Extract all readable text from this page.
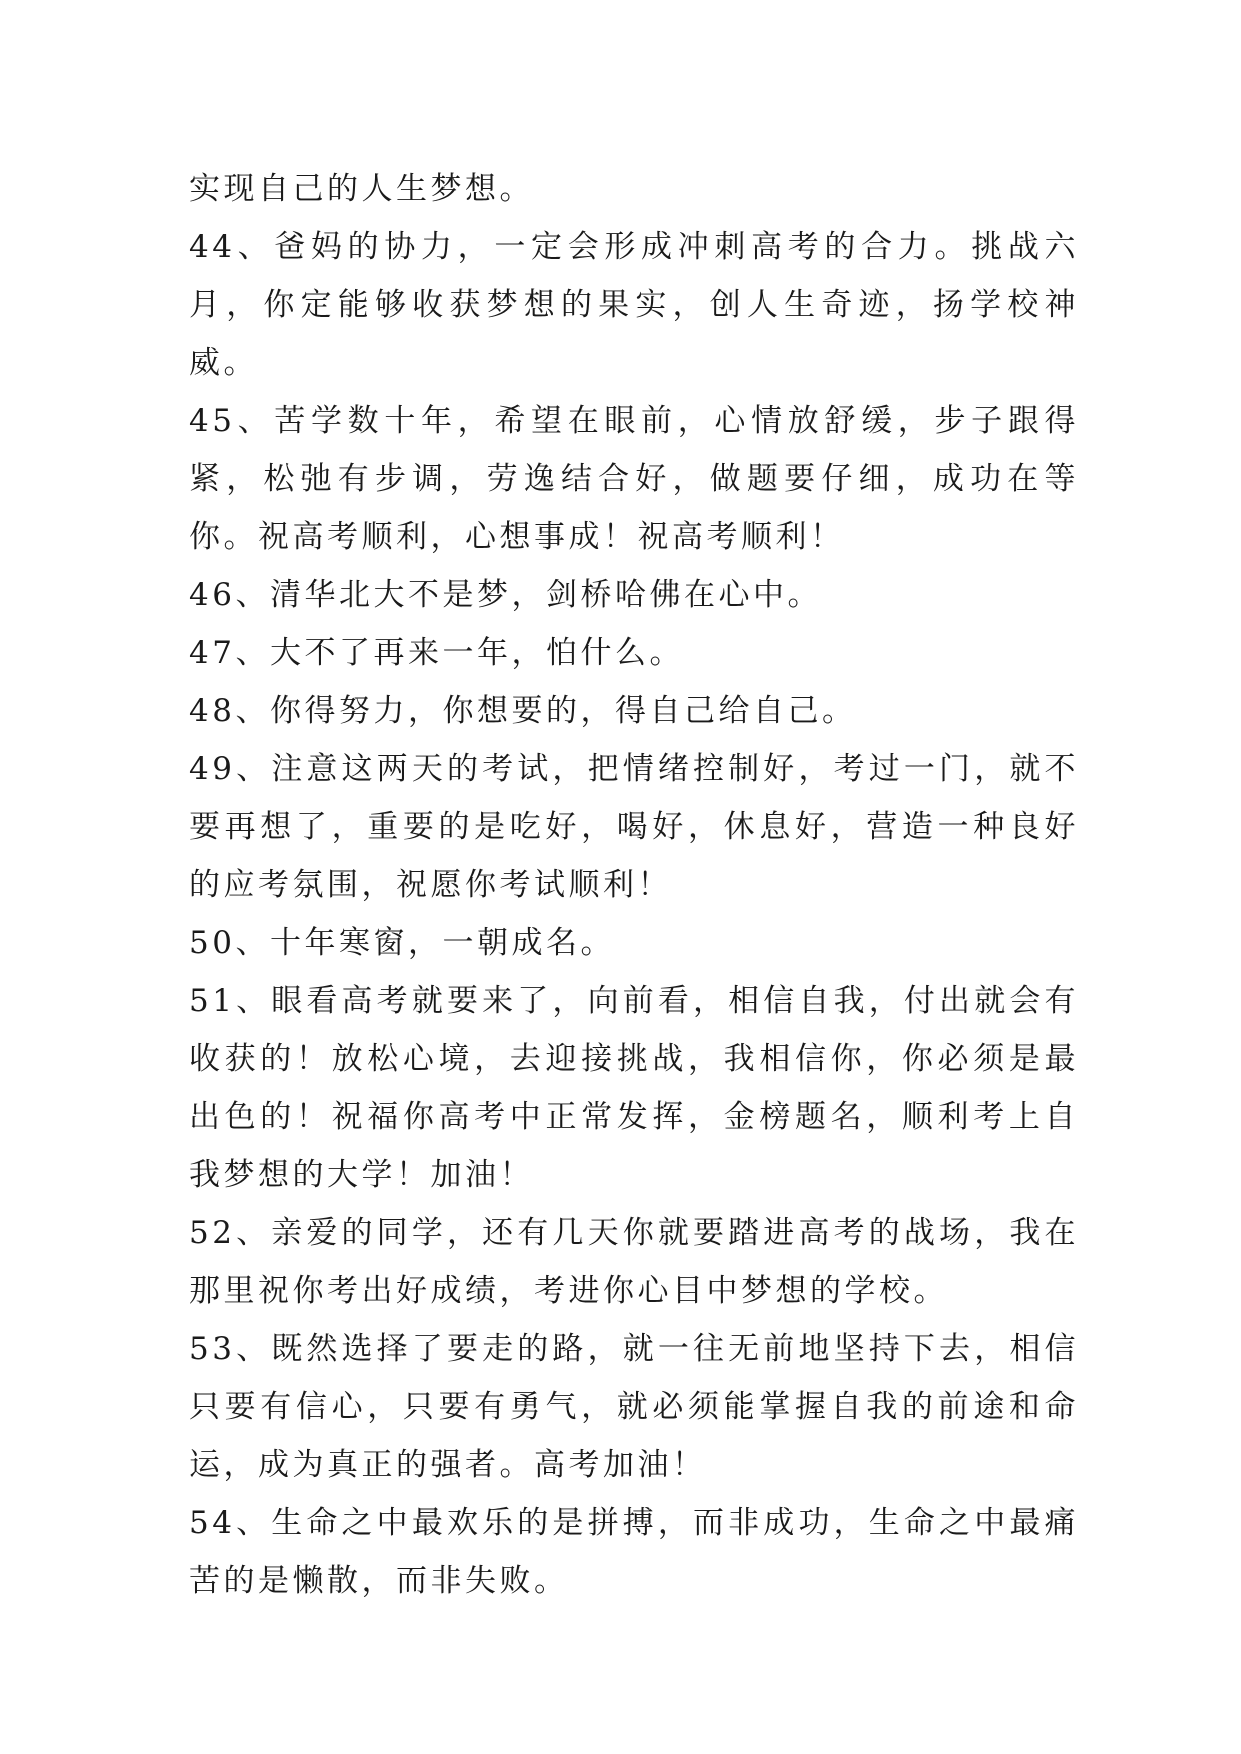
实现自己的人生梦想。

44、爸妈的协力，一定会形成冲刺高考的合力。挑战六月，你定能够收获梦想的果实，创人生奇迹，扬学校神威。

45、苦学数十年，希望在眼前，心情放舒缓，步子跟得紧，松弛有步调，劳逸结合好，做题要仔细，成功在等你。祝高考顺利，心想事成！祝高考顺利！

46、清华北大不是梦，剑桥哈佛在心中。

47、大不了再来一年，怕什么。

48、你得努力，你想要的，得自己给自己。

49、注意这两天的考试，把情绪控制好，考过一门，就不要再想了，重要的是吃好，喝好，休息好，营造一种良好的应考氛围，祝愿你考试顺利！

50、十年寒窗，一朝成名。

51、眼看高考就要来了，向前看，相信自我，付出就会有收获的！放松心境，去迎接挑战，我相信你，你必须是最出色的！祝福你高考中正常发挥，金榜题名，顺利考上自我梦想的大学！加油！

52、亲爱的同学，还有几天你就要踏进高考的战场，我在那里祝你考出好成绩，考进你心目中梦想的学校。

53、既然选择了要走的路，就一往无前地坚持下去，相信只要有信心，只要有勇气，就必须能掌握自我的前途和命运，成为真正的强者。高考加油！

54、生命之中最欢乐的是拼搏，而非成功，生命之中最痛苦的是懒散，而非失败。
